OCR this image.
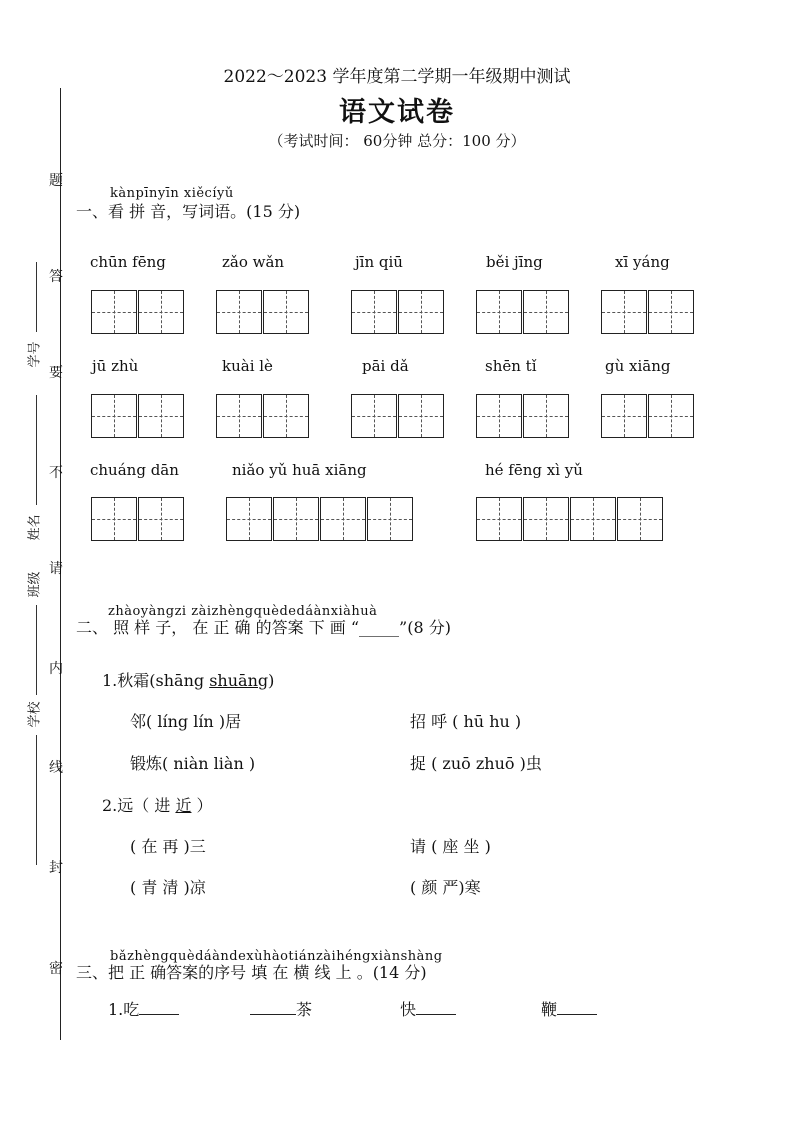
2022～2023 学年度第二学期一年级期中测试
语文试卷
（考试时间： 60分钟 总分：100 分）
题
答
要
不
请
内
线
封
密
学号
姓名
班级
学校
kànpīnyīn xiěcíyǔ
一、看 拼 音，写词语。(15 分)
chūn fēng	zǎo wǎn	jīn qiū	běi jīng	xī yáng
jū zhù	kuài lè	pāi dǎ	shēn tǐ	gù xiāng
chuáng dān	niǎo yǔ huā xiāng	hé fēng xì yǔ
zhàoyàngzi zàizhèngquèdedáànxiàhuà
二、 照 样 子， 在 正 确 的答案 下 画 “_____”(8 分)
1.秋霜(shāng shuāng)
邻( líng lín )居	招 呼 ( hū hu )
锻炼( niàn liàn )	捉 ( zuō zhuō )虫
2.远（ 进 近 ）
( 在 再 )三	请 ( 座 坐 )
( 青 清 )凉	( 颜 严)寒
bǎzhèngquèdáàndexùhàotiánzàihéngxiànshàng
三、把 正 确答案的序号 填 在 横 线 上 。(14 分)
1.吃	茶	快	鞭
